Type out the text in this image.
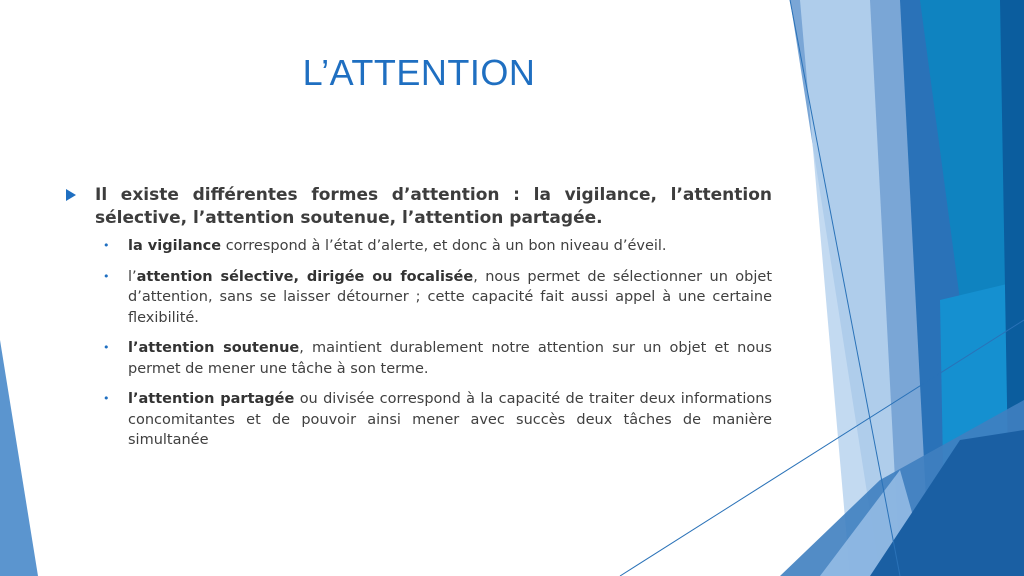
L’ATTENTION

Il existe différentes formes d’attention : la vigilance, l’attention sélective, l’attention soutenue, l’attention partagée.

• la vigilance correspond à l’état d’alerte, et donc à un bon niveau d’éveil.
• l’attention sélective, dirigée ou focalisée, nous permet de sélectionner un objet d’attention, sans se laisser détourner ; cette capacité fait aussi appel à une certaine flexibilité.
• l’attention soutenue, maintient durablement notre attention sur un objet et nous permet de mener une tâche à son terme.
• l’attention partagée ou divisée correspond à la capacité de traiter deux informations concomitantes et de pouvoir ainsi mener avec succès deux tâches de manière simultanée
